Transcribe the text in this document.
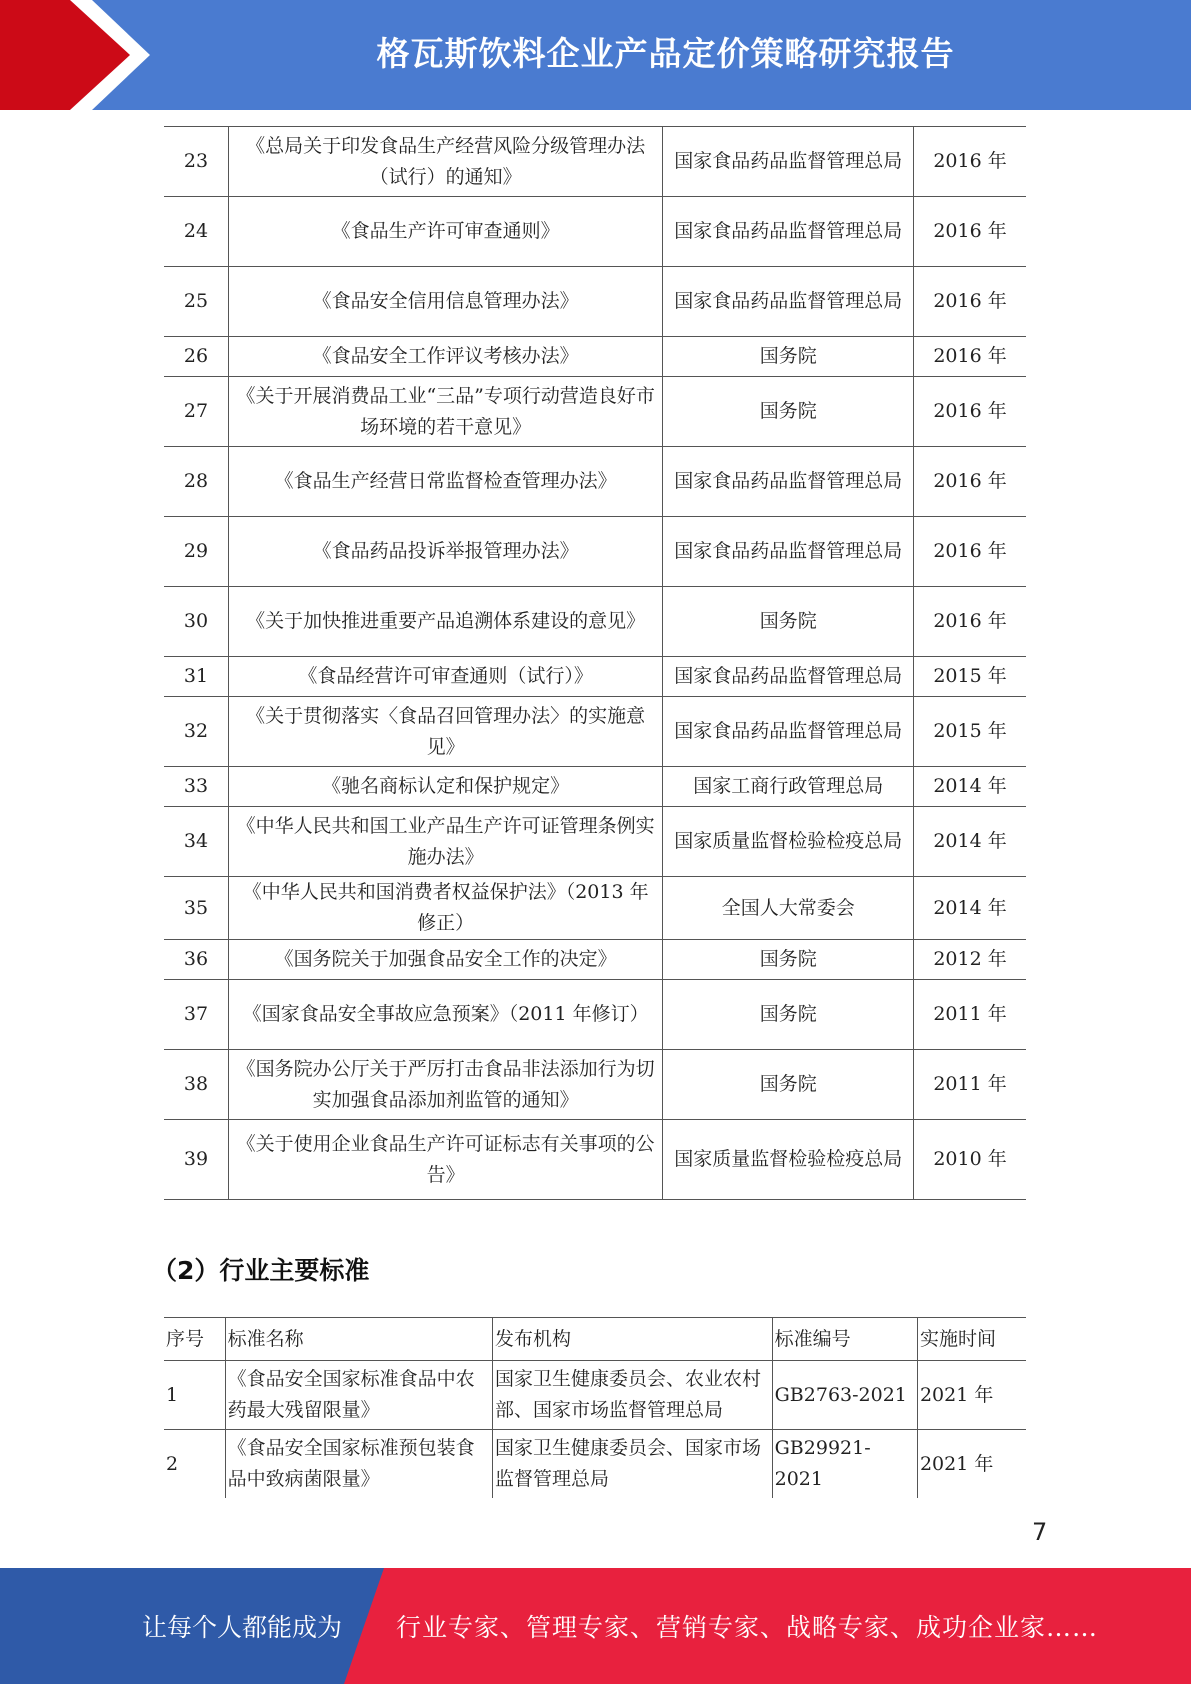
格瓦斯饮料企业产品定价策略研究报告
23	《总局关于印发食品生产经营风险分级管理办法（试行）的通知》	国家食品药品监督管理总局	2016 年
24	《食品生产许可审查通则》	国家食品药品监督管理总局	2016 年
25	《食品安全信用信息管理办法》	国家食品药品监督管理总局	2016 年
26	《食品安全工作评议考核办法》	国务院	2016 年
27	《关于开展消费品工业“三品”专项行动营造良好市场环境的若干意见》	国务院	2016 年
28	《食品生产经营日常监督检查管理办法》	国家食品药品监督管理总局	2016 年
29	《食品药品投诉举报管理办法》	国家食品药品监督管理总局	2016 年
30	《关于加快推进重要产品追溯体系建设的意见》	国务院	2016 年
31	《食品经营许可审查通则（试行）》	国家食品药品监督管理总局	2015 年
32	《关于贯彻落实〈食品召回管理办法〉的实施意见》	国家食品药品监督管理总局	2015 年
33	《驰名商标认定和保护规定》	国家工商行政管理总局	2014 年
34	《中华人民共和国工业产品生产许可证管理条例实施办法》	国家质量监督检验检疫总局	2014 年
35	《中华人民共和国消费者权益保护法》（2013 年修正）	全国人大常委会	2014 年
36	《国务院关于加强食品安全工作的决定》	国务院	2012 年
37	《国家食品安全事故应急预案》（2011 年修订）	国务院	2011 年
38	《国务院办公厅关于严厉打击食品非法添加行为切实加强食品添加剂监管的通知》	国务院	2011 年
39	《关于使用企业食品生产许可证标志有关事项的公告》	国家质量监督检验检疫总局	2010 年
（2）行业主要标准
序号	标准名称	发布机构	标准编号	实施时间
1	《食品安全国家标准食品中农药最大残留限量》	国家卫生健康委员会、农业农村部、国家市场监督管理总局	GB2763-2021	2021 年
2	《食品安全国家标准预包装食品中致病菌限量》	国家卫生健康委员会、国家市场监督管理总局	GB29921-2021	2021 年
7
让每个人都能成为 行业专家、管理专家、营销专家、战略专家、成功企业家……
